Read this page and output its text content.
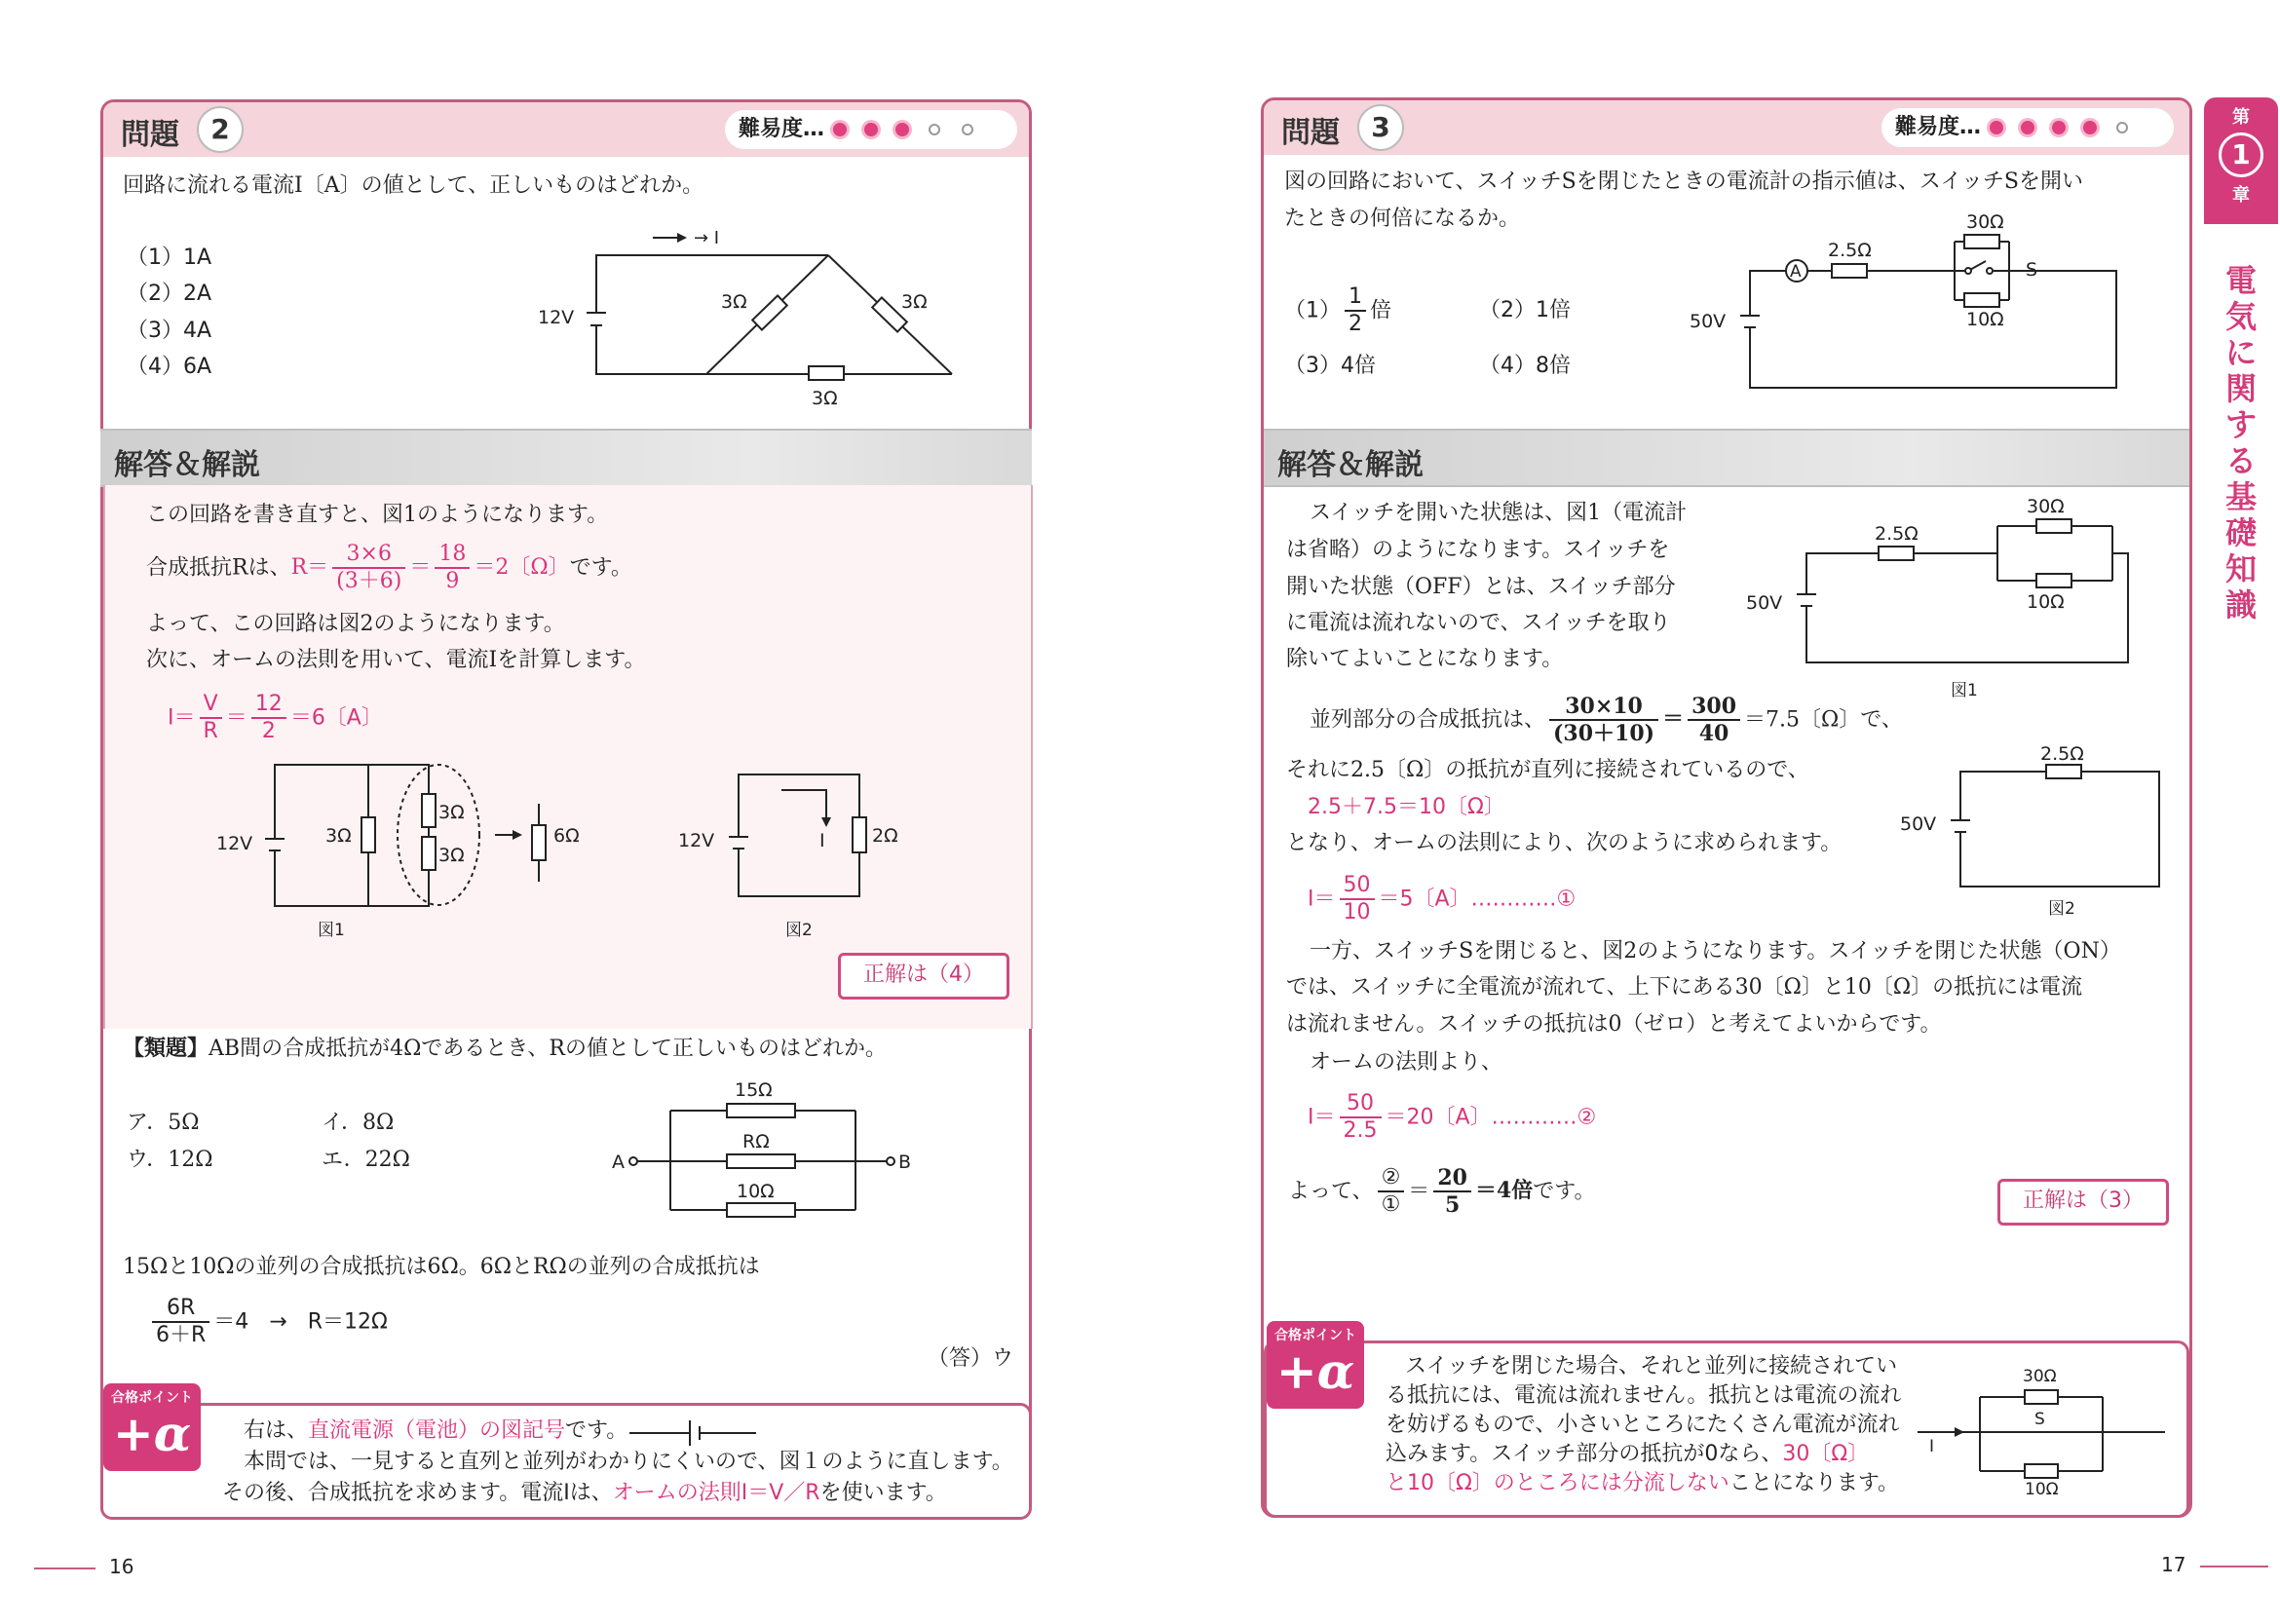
問題	2	難易度…
回路に流れる電流I〔A〕の値として、正しいものはどれか。
（1）1A
（2）2A
（3）4A
（4）6A
→ I
12V
3Ω	3Ω
3Ω
解答＆解説
この回路を書き直すと、図1のようになります。
合成抵抗Rは、$R= \frac{3\times 6}{(3+6)} = \frac{18}{9} =2$〔Ω〕です。
よって、この回路は図2のようになります。
次に、オームの法則を用いて、電流Iを計算します。
$I= \frac{V}{R} = \frac{12}{2} =6$〔A〕
12V	3Ω
3Ω
3Ω
6Ω
図1
12V	I	2Ω
図2
正解は（4）
【類題】AB間の合成抵抗が4Ωであるとき、Rの値として正しいものはどれか。
ア．5Ω	イ．8Ω
ウ．12Ω	エ．22Ω	A	B
15Ω
RΩ
10Ω
15Ωと10Ωの並列の合成抵抗は6Ω。6ΩとRΩの並列の合成抵抗は
$\frac{6R}{6+R} =4 \to R=12\Omega$
（答）ウ
合格ポイント
+α	右は、直流電源（電池）の図記号です。
本問では、一見すると直列と並列がわかりにくいので、図１のように直します。
その後、合成抵抗を求めます。電流Iは、オームの法則I＝V／Rを使います。
16
問題	3	難易度…
図の回路において、スイッチSを閉じたときの電流計の指示値は、スイッチSを開い
たときの何倍になるか。
$(1) \frac{1}{2}$ 倍	（2）1倍
（3）4倍	（4）8倍
A
50V
2.5Ω
30Ω
S
10Ω
解答＆解説
スイッチを開いた状態は、図1（電流計
は省略）のようになります。スイッチを
開いた状態（OFF）とは、スイッチ部分
に電流は流れないので、スイッチを取り
除いてよいことになります。
50V
2.5Ω
30Ω
10Ω
図1
並列部分の合成抵抗は、 $\frac{30\times 10}{(30+10)} = \frac{300}{40} =7.5$〔Ω〕で、
それに2.5〔Ω〕の抵抗が直列に接続されているので、
2.5＋7.5＝10〔Ω〕
となり、オームの法則により、次のように求められます。
50V
2.5Ω
図2
$I= \frac{50}{10} =5$〔A〕…………①
一方、スイッチSを閉じると、図2のようになります。スイッチを閉じた状態（ON）
では、スイッチに全電流が流れて、上下にある30〔Ω〕と10〔Ω〕の抵抗には電流
は流れません。スイッチの抵抗は0（ゼロ）と考えてよいからです。
オームの法則より、
$I= \frac{50}{2.5} =20$〔A〕…………②
よって、 $\frac{\text{②}}{\text{①}} = \frac{20}{5} =4$倍です。	正解は（3）
合格ポイント
+α	スイッチを閉じた場合、それと並列に接続されてい
る抵抗には、電流は流れません。抵抗とは電流の流れ
を妨げるもので、小さいところにたくさん電流が流れ
込みます。スイッチ部分の抵抗が0なら、30〔Ω〕
と10〔Ω〕のところには分流しないことになります。
30Ω
S
I
10Ω
17
第
1
章
電気に関する基礎知識
